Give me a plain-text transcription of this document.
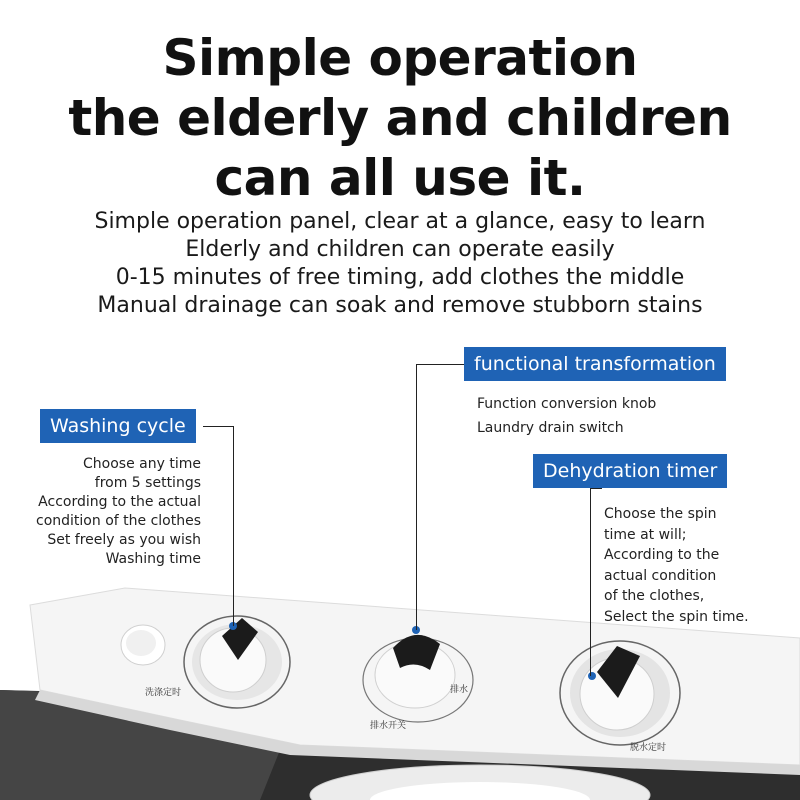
Simple operation
the elderly and children
can all use it.
Simple operation panel, clear at a glance, easy to learn
Elderly and children can operate easily
0-15 minutes of free timing, add clothes the middle
Manual drainage can soak and remove stubborn stains
洗涤定时
排水开关
排水
脱水定时
Washing cycle
Choose any time
from 5 settings
According to the actual
condition of the clothes
Set freely as you wish
Washing time
functional transformation
Function conversion knob
Laundry drain switch
Dehydration timer
Choose the spin
time at will;
According to the
actual condition
of the clothes,
Select the spin time.
